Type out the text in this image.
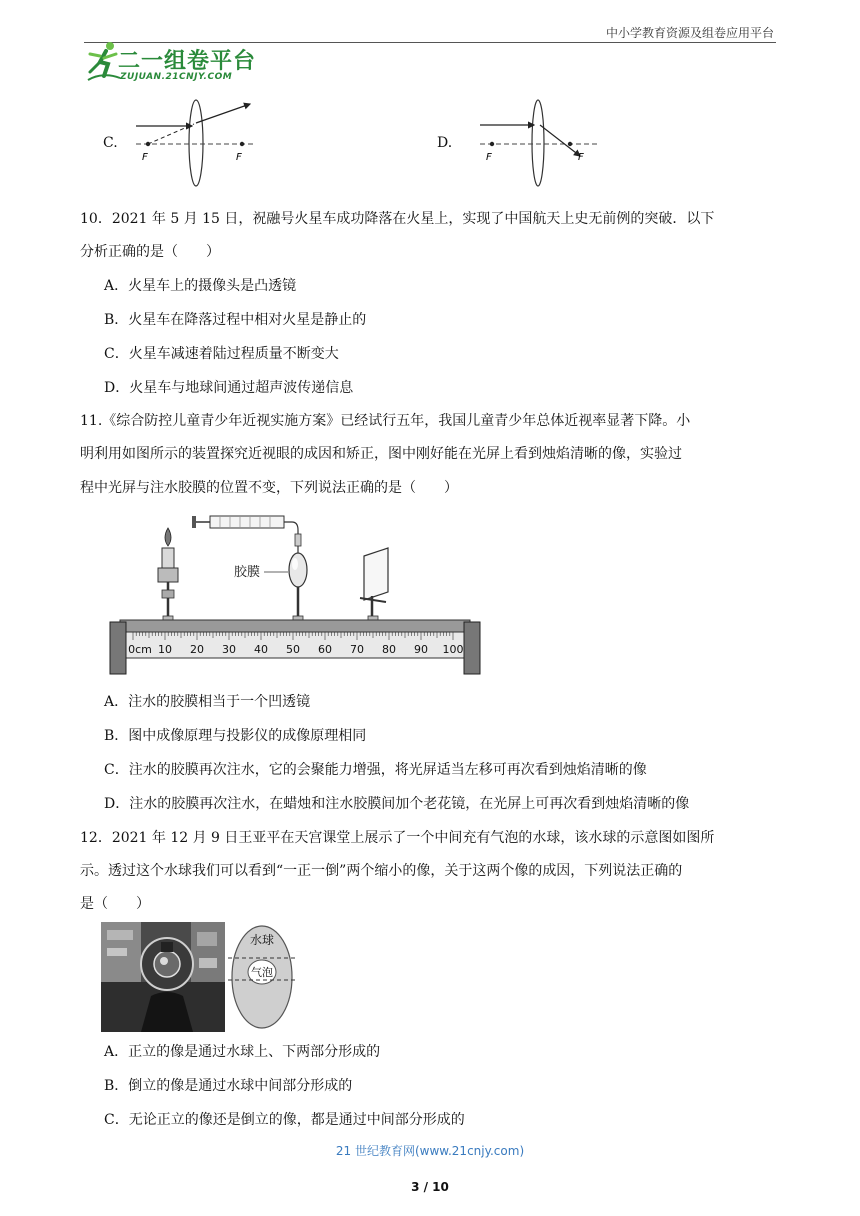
中小学教育资源及组卷应用平台
二一组卷平台
ZUJUAN.21CNJY.COM
C.
F	F
D.
F	F
10．2021 年 5 月 15 日，祝融号火星车成功降落在火星上，实现了中国航天上史无前例的突破．以下
分析正确的是（　　）
A．火星车上的摄像头是凸透镜
B．火星车在降落过程中相对火星是静止的
C．火星车减速着陆过程质量不断变大
D．火星车与地球间通过超声波传递信息
11.《综合防控儿童青少年近视实施方案》已经试行五年，我国儿童青少年总体近视率显著下降。小
明利用如图所示的装置探究近视眼的成因和矫正，图中刚好能在光屏上看到烛焰清晰的像，实验过
程中光屏与注水胶膜的位置不变，下列说法正确的是（　　）
胶膜
0cm 10 20 30 40 50 60 70 80 90 100
A．注水的胶膜相当于一个凹透镜
B．图中成像原理与投影仪的成像原理相同
C．注水的胶膜再次注水，它的会聚能力增强，将光屏适当左移可再次看到烛焰清晰的像
D．注水的胶膜再次注水，在蜡烛和注水胶膜间加个老花镜，在光屏上可再次看到烛焰清晰的像
12．2021 年 12 月 9 日王亚平在天宫课堂上展示了一个中间充有气泡的水球，该水球的示意图如图所
示。透过这个水球我们可以看到“一正一倒”两个缩小的像，关于这两个像的成因，下列说法正确的
是（　　）
水球
气泡
A．正立的像是通过水球上、下两部分形成的
B．倒立的像是通过水球中间部分形成的
C．无论正立的像还是倒立的像，都是通过中间部分形成的
21 世纪教育网(www.21cnjy.com)
3 / 10
